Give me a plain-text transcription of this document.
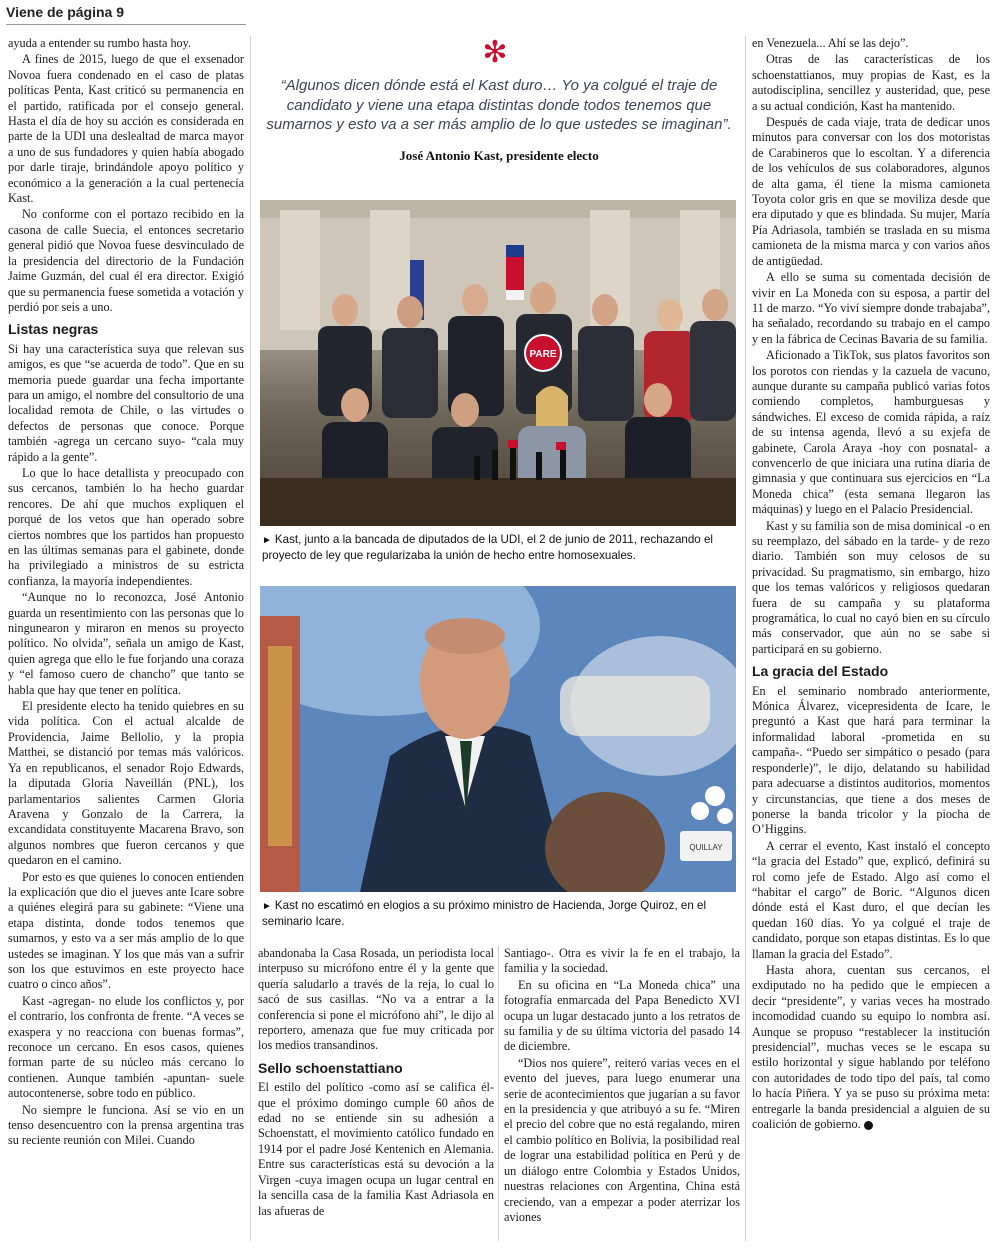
Viene de página 9

ayuda a entender su rumbo hasta hoy.

A fines de 2015, luego de que el exsenador Novoa fuera condenado en el caso de platas políticas Penta, Kast criticó su permanencia en el partido, ratificada por el consejo general. Hasta el día de hoy su acción es considerada en parte de la UDI una deslealtad de marca mayor a uno de sus fundadores y quien había abogado por darle tiraje, brindándole apoyo político y económico a la generación a la cual pertenecía Kast.

No conforme con el portazo recibido en la casona de calle Suecia, el entonces secretario general pidió que Novoa fuese desvinculado de la presidencia del directorio de la Fundación Jaime Guzmán, del cual él era director. Exigió que su permanencia fuese sometida a votación y perdió por seis a uno.

Listas negras

Si hay una característica suya que relevan sus amigos, es que “se acuerda de todo”. Que en su memoria puede guardar una fecha importante para un amigo, el nombre del consultorio de una localidad remota de Chile, o las virtudes o defectos de personas que conoce. Porque también -agrega un cercano suyo- “cala muy rápido a la gente”.

Lo que lo hace detallista y preocupado con sus cercanos, también lo ha hecho guardar rencores. De ahí que muchos expliquen el porqué de los vetos que han operado sobre ciertos nombres que los partidos han propuesto en las últimas semanas para el gabinete, donde ha privilegiado a ministros de su estricta confianza, la mayoría independientes.

“Aunque no lo reconozca, José Antonio guarda un resentimiento con las personas que lo ningunearon y miraron en menos su proyecto político. No olvida”, señala un amigo de Kast, quien agrega que ello le fue forjando una coraza y “el famoso cuero de chancho” que tanto se habla que hay que tener en política.

El presidente electo ha tenido quiebres en su vida política. Con el actual alcalde de Providencia, Jaime Bellolio, y la propia Matthei, se distanció por temas más valóricos. Ya en republicanos, el senador Rojo Edwards, la diputada Gloria Naveillán (PNL), los parlamentarios salientes Carmen Gloria Aravena y Gonzalo de la Carrera, la excandidata constituyente Macarena Bravo, son algunos nombres que fueron cercanos y que quedaron en el camino.

Por esto es que quienes lo conocen entienden la explicación que dio el jueves ante Icare sobre a quiénes elegirá para su gabinete: “Viene una etapa distinta, donde todos tenemos que sumarnos, y esto va a ser más amplio de lo que ustedes se imaginan. Y los que más van a sufrir son los que estuvimos en este proyecto hace cuatro o cinco años”.

Kast -agregan- no elude los conflictos y, por el contrario, los confronta de frente. “A veces se exaspera y no reacciona con buenas formas”, reconoce un cercano. En esos casos, quienes forman parte de su núcleo más cercano lo contienen. Aunque también -apuntan- suele autocontenerse, sobre todo en público.

No siempre le funciona. Así se vio en un tenso desencuentro con la prensa argentina tras su reciente reunión con Milei. Cuando

✻
“Algunos dicen dónde está el Kast duro… Yo ya colgué el traje de candidato y viene una etapa distintas donde todos tenemos que sumarnos y esto va a ser más amplio de lo que ustedes se imaginan”.
José Antonio Kast, presidente electo
PARE
► Kast, junto a la bancada de diputados de la UDI, el 2 de junio de 2011, rechazando el proyecto de ley que regularizaba la unión de hecho entre homosexuales.
QUILLAY
► Kast no escatimó en elogios a su próximo ministro de Hacienda, Jorge Quiroz, en el seminario Icare.

abandonaba la Casa Rosada, un periodista local interpuso su micrófono entre él y la gente que quería saludarlo a través de la reja, lo cual lo sacó de sus casillas. “No va a entrar a la conferencia si pone el micrófono ahí”, le dijo al reportero, amenaza que fue muy criticada por los medios transandinos.

Sello schoenstattiano

El estilo del político -como así se califica él- que el próximo domingo cumple 60 años de edad no se entiende sin su adhesión a Schoenstatt, el movimiento católico fundado en 1914 por el padre José Kentenich en Alemania. Entre sus características está su devoción a la Virgen -cuya imagen ocupa un lugar central en la sencilla casa de la familia Kast Adriasola en las afueras de

Santiago-. Otra es vivir la fe en el trabajo, la familia y la sociedad.

En su oficina en “La Moneda chica” una fotografía enmarcada del Papa Benedicto XVI ocupa un lugar destacado junto a los retratos de su familia y de su última victoria del pasado 14 de diciembre.

“Dios nos quiere”, reiteró varias veces en el evento del jueves, para luego enumerar una serie de acontecimientos que jugarían a su favor en la presidencia y que atribuyó a su fe. “Miren el precio del cobre que no está regalando, miren el cambio político en Bolivia, la posibilidad real de lograr una estabilidad política en Perú y de un diálogo entre Colombia y Estados Unidos, nuestras relaciones con Argentina, China está creciendo, van a empezar a poder aterrizar los aviones

en Venezuela... Ahí se las dejo”.

Otras de las características de los schoenstattianos, muy propias de Kast, es la autodisciplina, sencillez y austeridad, que, pese a su actual condición, Kast ha mantenido.

Después de cada viaje, trata de dedicar unos minutos para conversar con los dos motoristas de Carabineros que lo escoltan. Y a diferencia de los vehículos de sus colaboradores, algunos de alta gama, él tiene la misma camioneta Toyota color gris en que se moviliza desde que era diputado y que es blindada. Su mujer, María Pía Adriasola, también se traslada en su misma camioneta de la misma marca y con varios años de antigüedad.

A ello se suma su comentada decisión de vivir en La Moneda con su esposa, a partir del 11 de marzo. “Yo viví siempre donde trabajaba”, ha señalado, recordando su trabajo en el campo y en la fábrica de Cecinas Bavaria de su familia.

Aficionado a TikTok, sus platos favoritos son los porotos con riendas y la cazuela de vacuno, aunque durante su campaña publicó varias fotos comiendo completos, hamburguesas y sándwiches. El exceso de comida rápida, a raíz de su intensa agenda, llevó a su exjefa de gabinete, Carola Araya -hoy con posnatal- a convencerlo de que iniciara una rutina diaria de gimnasia y que continuara sus ejercicios en “La Moneda chica” (esta semana llegaron las máquinas) y luego en el Palacio Presidencial.

Kast y su familia son de misa dominical -o en su reemplazo, del sábado en la tarde- y de rezo diario. También son muy celosos de su privacidad. Su pragmatismo, sin embargo, hizo que los temas valóricos y religiosos quedaran fuera de su campaña y su plataforma programática, lo cual no cayó bien en su círculo más conservador, que aún no se sabe si participará en su gobierno.

La gracia del Estado

En el seminario nombrado anteriormente, Mónica Álvarez, vicepresidenta de Icare, le preguntó a Kast que hará para terminar la informalidad laboral -prometida en su campaña-. “Puedo ser simpático o pesado (para responderle)”, le dijo, delatando su habilidad para adecuarse a distintos auditorios, momentos y circunstancias, que tiene a dos meses de ponerse la banda tricolor y la piocha de O’Higgins.

A cerrar el evento, Kast instaló el concepto “la gracia del Estado” que, explicó, definirá su rol como jefe de Estado. Algo así como el “habitar el cargo” de Boric. “Algunos dicen dónde está el Kast duro, el que decían les quedan 160 días. Yo ya colgué el traje de candidato, porque son etapas distintas. Es lo que llaman la gracia del Estado”.

Hasta ahora, cuentan sus cercanos, el exdiputado no ha pedido que le empiecen a decir “presidente”, y varias veces ha mostrado incomodidad cuando su equipo lo nombra así. Aunque se propuso “restablecer la institución presidencial”, muchas veces se le escapa su estilo horizontal y sigue hablando por teléfono con autoridades de todo tipo del país, tal como lo hacía Piñera. Y ya se puso su próxima meta: entregarle la banda presidencial a alguien de su coalición de gobierno.
